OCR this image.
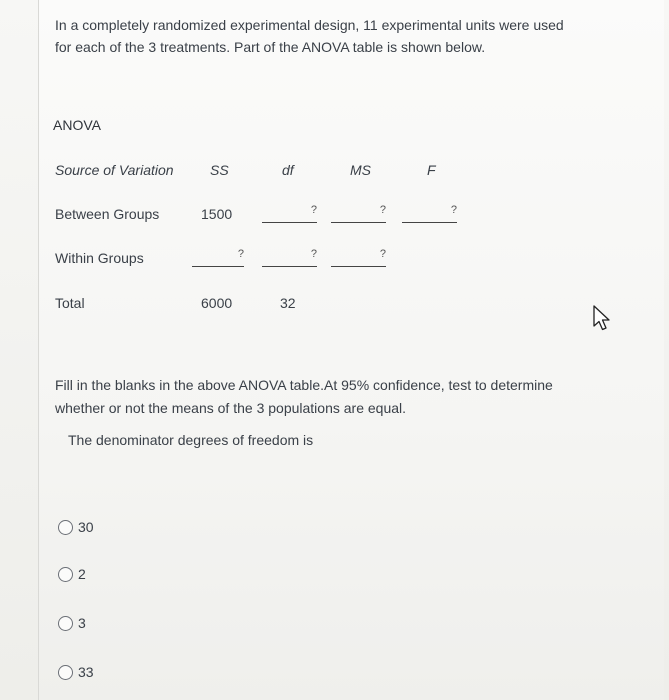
In a completely randomized experimental design, 11 experimental units were used
for each of the 3 treatments. Part of the ANOVA table is shown below.
ANOVA
Source of Variation	SS	df	MS	F
Between Groups	1500	?	?	?
Within Groups	?	?	?
Total	6000	32
Fill in the blanks in the above ANOVA table.At 95% confidence, test to determine
whether or not the means of the 3 populations are equal.
The denominator degrees of freedom is
30
2
3
33
